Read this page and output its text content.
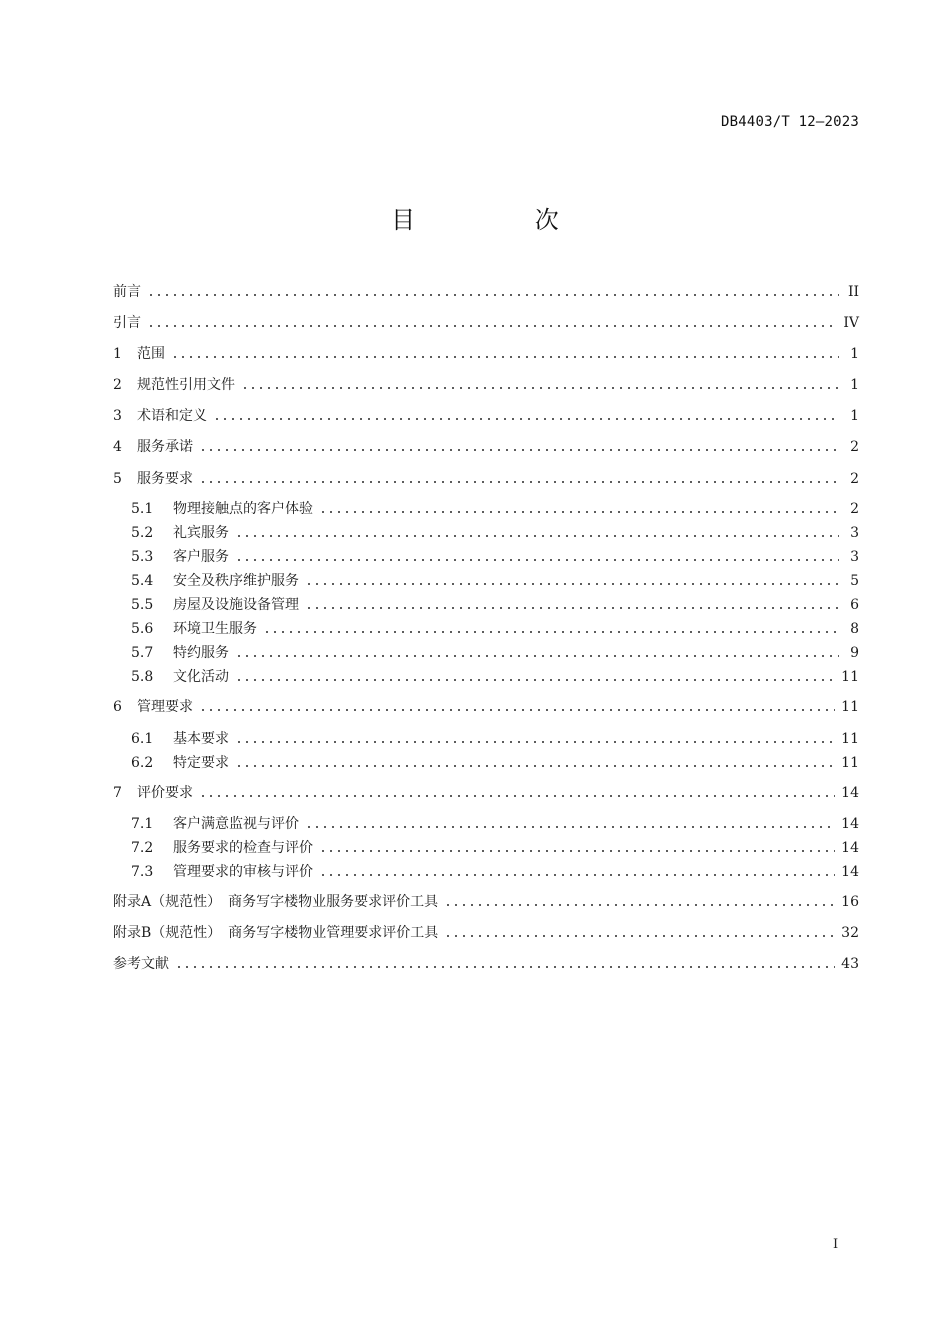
DB4403/T 12—2023
目 次
前言	II
引言	IV
1	范围	1
2	规范性引用文件	1
3	术语和定义	1
4	服务承诺	2
5	服务要求	2
5.1	物理接触点的客户体验	2
5.2	礼宾服务	3
5.3	客户服务	3
5.4	安全及秩序维护服务	5
5.5	房屋及设施设备管理	6
5.6	环境卫生服务	8
5.7	特约服务	9
5.8	文化活动	11
6	管理要求	11
6.1	基本要求	11
6.2	特定要求	11
7	评价要求	14
7.1	客户满意监视与评价	14
7.2	服务要求的检查与评价	14
7.3	管理要求的审核与评价	14
附录A（规范性）　商务写字楼物业服务要求评价工具	16
附录B（规范性）　商务写字楼物业管理要求评价工具	32
参考文献	43
I
